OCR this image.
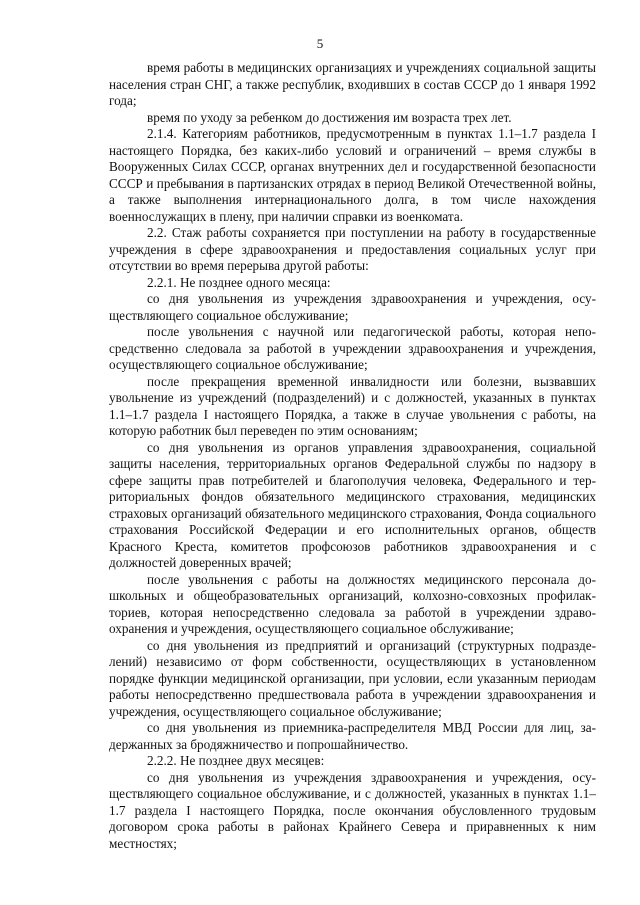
5

время работы в медицинских организациях и учреждениях социальной защиты населения стран СНГ, а также республик, входивших в состав СССР до 1 января 1992 года;

время по уходу за ребенком до достижения им возраста трех лет.

2.1.4. Категориям работников, предусмотренным в пунктах 1.1–1.7 раздела I настоящего Порядка, без каких-либо условий и ограничений – время службы в Вооруженных Силах СССР, органах внутренних дел и государственной безопасности СССР и пребывания в партизанских отрядах в период Великой Отечественной войны, а также выполнения интернационального долга, в том числе нахождения военнослужащих в плену, при наличии справки из военкомата.

2.2. Стаж работы сохраняется при поступлении на работу в государственные учреждения в сфере здравоохранения и предоставления социальных услуг при отсутствии во время перерыва другой работы:

2.2.1. Не позднее одного месяца:

со дня увольнения из учреждения здравоохранения и учреждения, осуществляющего социальное обслуживание;

после увольнения с научной или педагогической работы, которая непосредственно следовала за работой в учреждении здравоохранения и учреждения, осуществляющего социальное обслуживание;

после прекращения временной инвалидности или болезни, вызвавших увольнение из учреждений (подразделений) и с должностей, указанных в пунктах 1.1–1.7 раздела I настоящего Порядка, а также в случае увольнения с работы, на которую работник был переведен по этим основаниям;

со дня увольнения из органов управления здравоохранения, социальной защиты населения, территориальных органов Федеральной службы по надзору в сфере защиты прав потребителей и благополучия человека, Федерального и территориальных фондов обязательного медицинского страхования, медицинских страховых организаций обязательного медицинского страхования, Фонда социального страхования Российской Федерации и его исполнительных органов, обществ Красного Креста, комитетов профсоюзов работников здравоохранения и с должностей доверенных врачей;

после увольнения с работы на должностях медицинского персонала дошкольных и общеобразовательных организаций, колхозно-совхозных профилакториев, которая непосредственно следовала за работой в учреждении здравоохранения и учреждения, осуществляющего социальное обслуживание;

со дня увольнения из предприятий и организаций (структурных подразделений) независимо от форм собственности, осуществляющих в установленном порядке функции медицинской организации, при условии, если указанным периодам работы непосредственно предшествовала работа в учреждении здравоохранения и учреждения, осуществляющего социальное обслуживание;

со дня увольнения из приемника-распределителя МВД России для лиц, задержанных за бродяжничество и попрошайничество.

2.2.2. Не позднее двух месяцев:

со дня увольнения из учреждения здравоохранения и учреждения, осуществляющего социальное обслуживание, и с должностей, указанных в пунктах 1.1–1.7 раздела I настоящего Порядка, после окончания обусловленного трудовым договором срока работы в районах Крайнего Севера и приравненных к ним местностях;
